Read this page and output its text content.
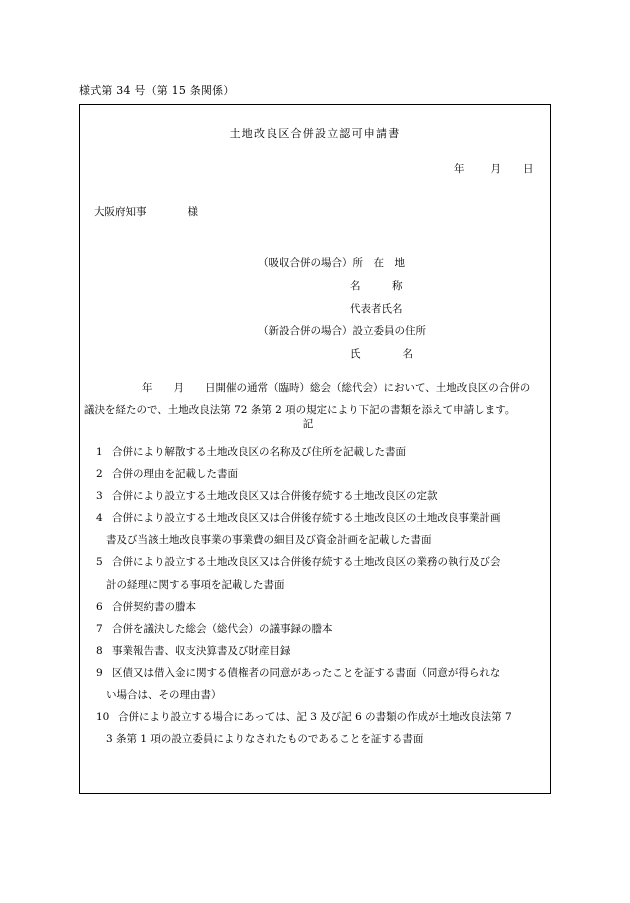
様式第 34 号（第 15 条関係）
土地改良区合併設立認可申請書
年 月 日
大阪府知事	様
（吸収合併の場合）所　在　地
名　　　称
代表者氏名
（新設合併の場合）設立委員の住所
氏　　　　名
年　　月　　日開催の通常（臨時）総会（総代会）において、土地改良区の合併の
議決を経たので、土地改良法第 72 条第 2 項の規定により下記の書類を添えて申請します。
記
1 合併により解散する土地改良区の名称及び住所を記載した書面
2 合併の理由を記載した書面
3 合併により設立する土地改良区又は合併後存続する土地改良区の定款
4 合併により設立する土地改良区又は合併後存続する土地改良区の土地改良事業計画
書及び当該土地改良事業の事業費の細目及び資金計画を記載した書面
5 合併により設立する土地改良区又は合併後存続する土地改良区の業務の執行及び会
計の経理に関する事項を記載した書面
6 合併契約書の謄本
7 合併を議決した総会（総代会）の議事録の謄本
8 事業報告書、収支決算書及び財産目録
9 区債又は借入金に関する債権者の同意があったことを証する書面（同意が得られな
い場合は、その理由書）
10 合併により設立する場合にあっては、記 3 及び記 6 の書類の作成が土地改良法第 7
3 条第 1 項の設立委員によりなされたものであることを証する書面
